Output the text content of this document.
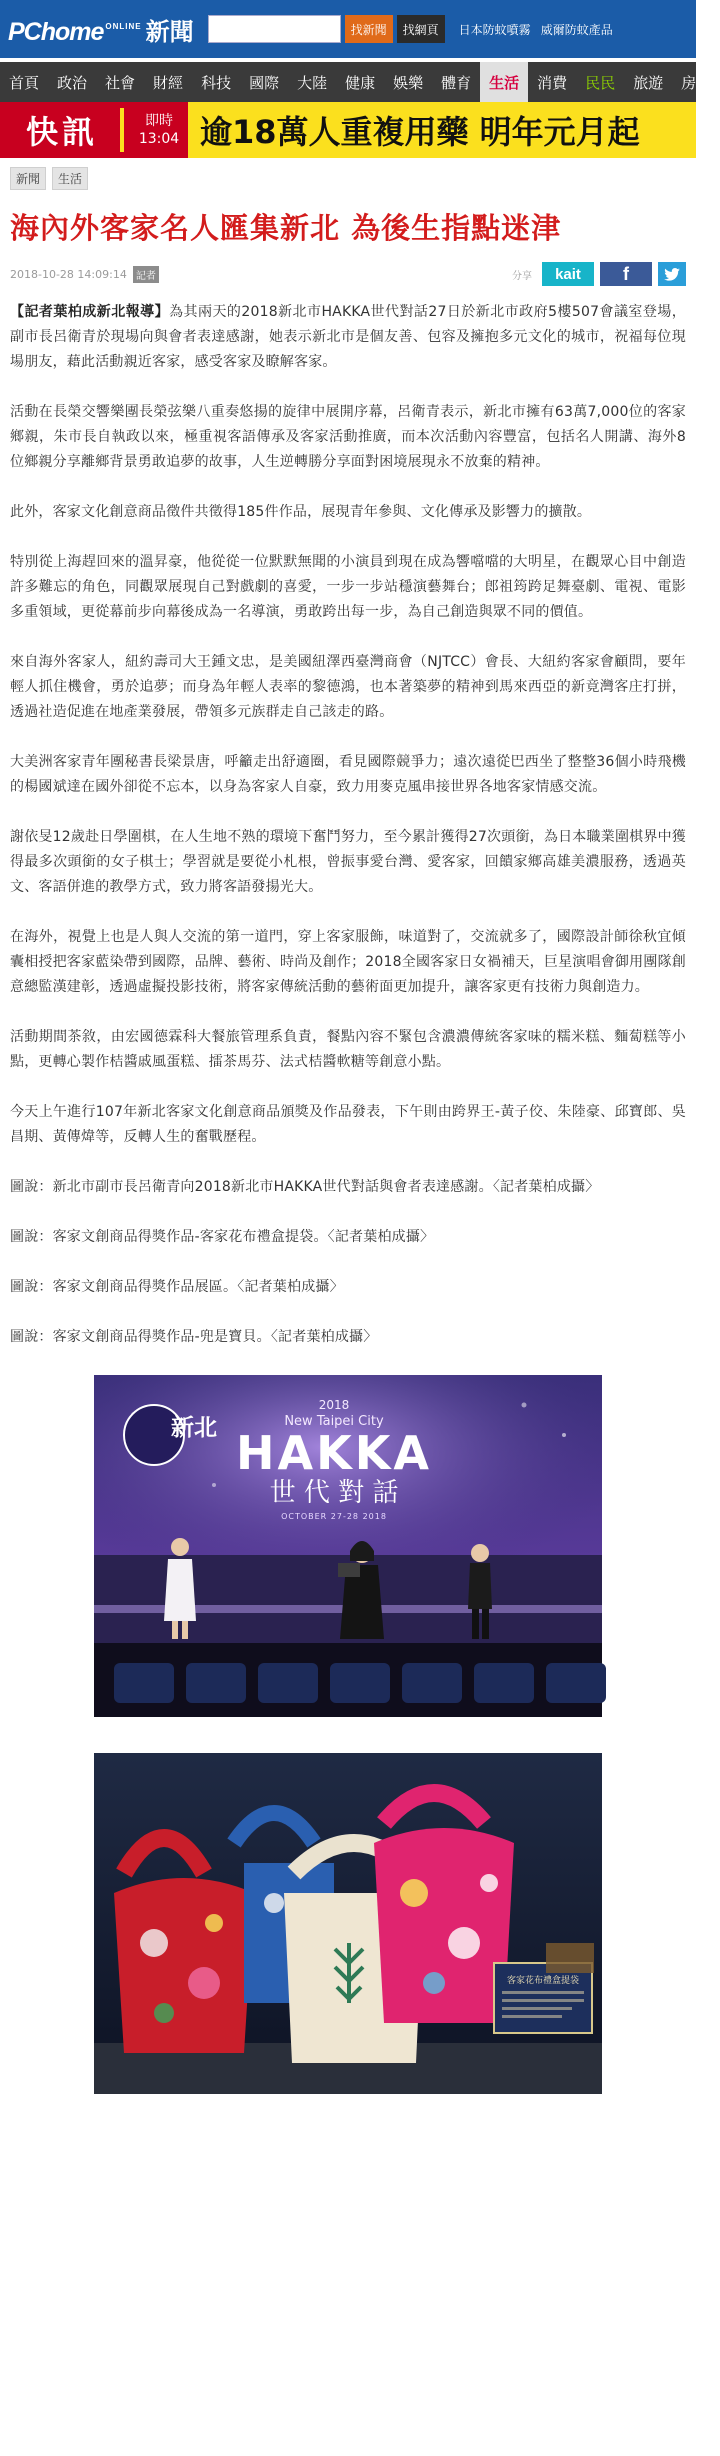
PChome ONLINE 新聞	找新聞	找網頁	日本防蚊噴霧 威爾防蚊產品
首頁	政治	社會	財經	科技	國際	大陸	健康	娛樂	體育	生活	消費	民民	旅遊	房產
快訊	即時
13:04 逾18萬人重複用藥 明年元月起
新聞	生活
海內外客家名人匯集新北 為後生指點迷津
2018-10-28 14:09:14 記者	分享	kait	f

【記者葉柏成新北報導】為其兩天的2018新北市HAKKA世代對話27日於新北市政府5樓507會議室登場，副市長呂衛青於現場向與會者表達感謝，她表示新北市是個友善、包容及擁抱多元文化的城市，祝福每位現場朋友，藉此活動親近客家，感受客家及瞭解客家。

活動在長榮交響樂團長榮弦樂八重奏悠揚的旋律中展開序幕，呂衛青表示，新北市擁有63萬7,000位的客家鄉親，朱市長自執政以來，極重視客語傳承及客家活動推廣，而本次活動內容豐富，包括名人開講、海外8位鄉親分享離鄉背景勇敢追夢的故事，人生逆轉勝分享面對困境展現永不放棄的精神。

此外，客家文化創意商品徵件共徵得185件作品，展現青年參與、文化傳承及影響力的擴散。

特別從上海趕回來的溫昇豪，他從從一位默默無聞的小演員到現在成為響噹噹的大明星，在觀眾心目中創造許多難忘的角色，同觀眾展現自己對戲劇的喜愛，一步一步站穩演藝舞台；郎祖筠跨足舞臺劇、電視、電影多重領域，更從幕前步向幕後成為一名導演，勇敢跨出每一步，為自己創造與眾不同的價值。

來自海外客家人，紐約壽司大王鍾文忠，是美國紐澤西臺灣商會（NJTCC）會長、大紐約客家會顧問，要年輕人抓住機會，勇於追夢；而身為年輕人表率的黎德鴻，也本著築夢的精神到馬來西亞的新竟灣客庄打拼，透過社造促進在地產業發展，帶領多元族群走自己該走的路。

大美洲客家青年團秘書長梁景唐，呼籲走出舒適圈，看見國際競爭力；遠次遠從巴西坐了整整36個小時飛機的楊國斌達在國外卻從不忘本，以身為客家人自豪，致力用麥克風串接世界各地客家情感交流。

謝依旻12歲赴日學圍棋，在人生地不熟的環境下奮鬥努力，至今累計獲得27次頭銜，為日本職業圍棋界中獲得最多次頭銜的女子棋士；學習就是要從小札根，曾振事愛台灣、愛客家，回饋家鄉高雄美濃服務，透過英文、客語併進的教學方式，致力將客語發揚光大。

在海外，視覺上也是人與人交流的第一道門，穿上客家服飾，味道對了，交流就多了，國際設計師徐秋宜傾囊相授把客家藍染帶到國際，品牌、藝術、時尚及創作；2018全國客家日女禍補天，巨星演唱會御用團隊創意總監漢建彰，透過虛擬投影技術，將客家傳統活動的藝術面更加提升，讓客家更有技術力與創造力。

活動期間茶敘，由宏國德霖科大餐旅管理系負責，餐點內容不緊包含濃濃傳統客家味的糯米糕、麵蔔糕等小點，更轉心製作桔醬戚風蛋糕、擂茶馬芬、法式桔醬軟糖等創意小點。

今天上午進行107年新北客家文化創意商品頒獎及作品發表，下午則由跨界王-黃子佼、朱陸豪、邱寶郎、吳昌期、黃傳煒等，反轉人生的奮戰歷程。

圖說：新北市副市長呂衛青向2018新北市HAKKA世代對話與會者表達感謝。〈記者葉柏成攝〉

圖說：客家文創商品得獎作品-客家花布禮盒提袋。〈記者葉柏成攝〉

圖說：客家文創商品得獎作品展區。〈記者葉柏成攝〉

圖說：客家文創商品得獎作品-兜是寶貝。〈記者葉柏成攝〉

新北
2018
New Taipei City
HAKKA
世 代 對 話
OCTOBER 27-28 2018
客家花布禮盒提袋
